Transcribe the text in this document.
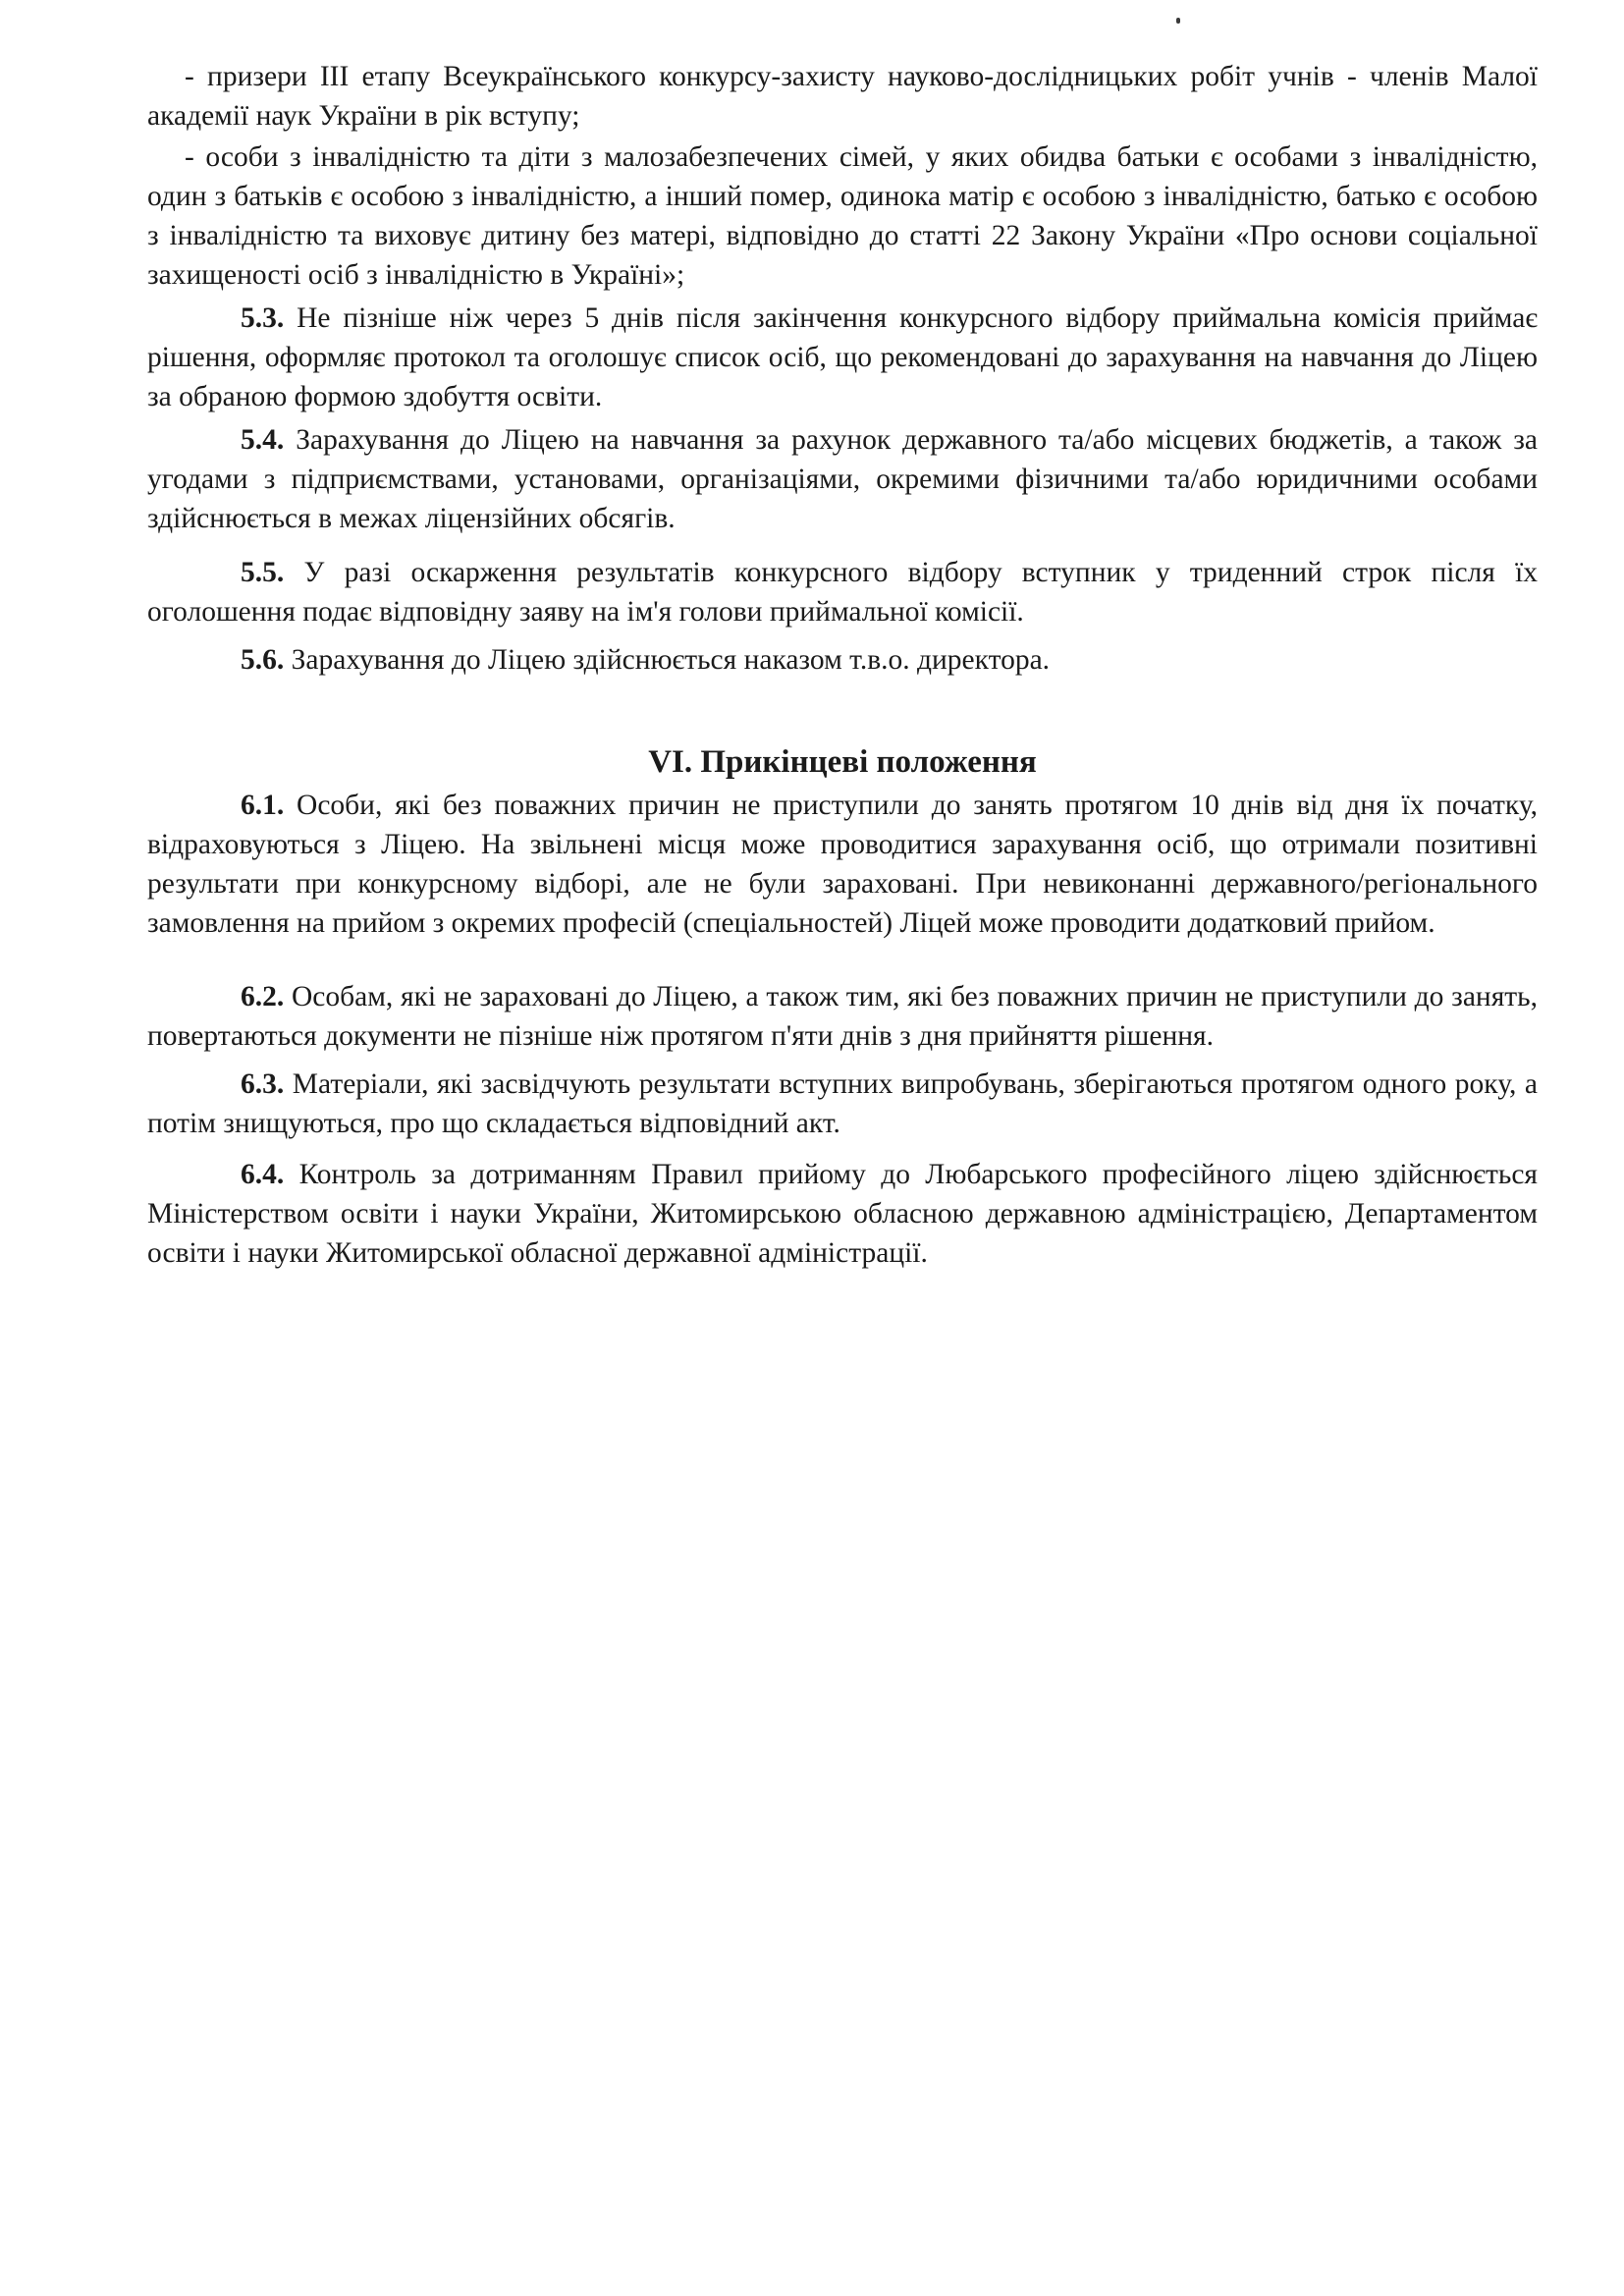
- призери III етапу Всеукраїнського конкурсу-захисту науково-дослідницьких робіт учнів - членів Малої академії наук України в рік вступу;

- особи з інвалідністю та діти з малозабезпечених сімей, у яких обидва батьки є особами з інвалідністю, один з батьків є особою з інвалідністю, а інший помер, одинока матір є особою з інвалідністю, батько є особою з інвалідністю та виховує дитину без матері, відповідно до статті 22 Закону України «Про основи соціальної захищеності осіб з інвалідністю в Україні»;

5.3. Не пізніше ніж через 5 днів після закінчення конкурсного відбору приймальна комісія приймає рішення, оформляє протокол та оголошує список осіб, що рекомендовані до зарахування на навчання до Ліцею за обраною формою здобуття освіти.

5.4. Зарахування до Ліцею на навчання за рахунок державного та/або місцевих бюджетів, а також за угодами з підприємствами, установами, організаціями, окремими фізичними та/або юридичними особами здійснюється в межах ліцензійних обсягів.

5.5. У разі оскарження результатів конкурсного відбору вступник у триденний строк після їх оголошення подає відповідну заяву на ім'я голови приймальної комісії.

5.6. Зарахування до Ліцею здійснюється наказом т.в.о. директора.

VI. Прикінцеві положення

6.1. Особи, які без поважних причин не приступили до занять протягом 10 днів від дня їх початку, відраховуються з Ліцею. На звільнені місця може проводитися зарахування осіб, що отримали позитивні результати при конкурсному відборі, але не були зараховані. При невиконанні державного/регіонального замовлення на прийом з окремих професій (спеціальностей) Ліцей може проводити додатковий прийом.

6.2. Особам, які не зараховані до Ліцею, а також тим, які без поважних причин не приступили до занять, повертаються документи не пізніше ніж протягом п'яти днів з дня прийняття рішення.

6.3. Матеріали, які засвідчують результати вступних випробувань, зберігаються протягом одного року, а потім знищуються, про що складається відповідний акт.

6.4. Контроль за дотриманням Правил прийому до Любарського професійного ліцею здійснюється Міністерством освіти і науки України, Житомирською обласною державною адміністрацією, Департаментом освіти і науки Житомирської обласної державної адміністрації.
